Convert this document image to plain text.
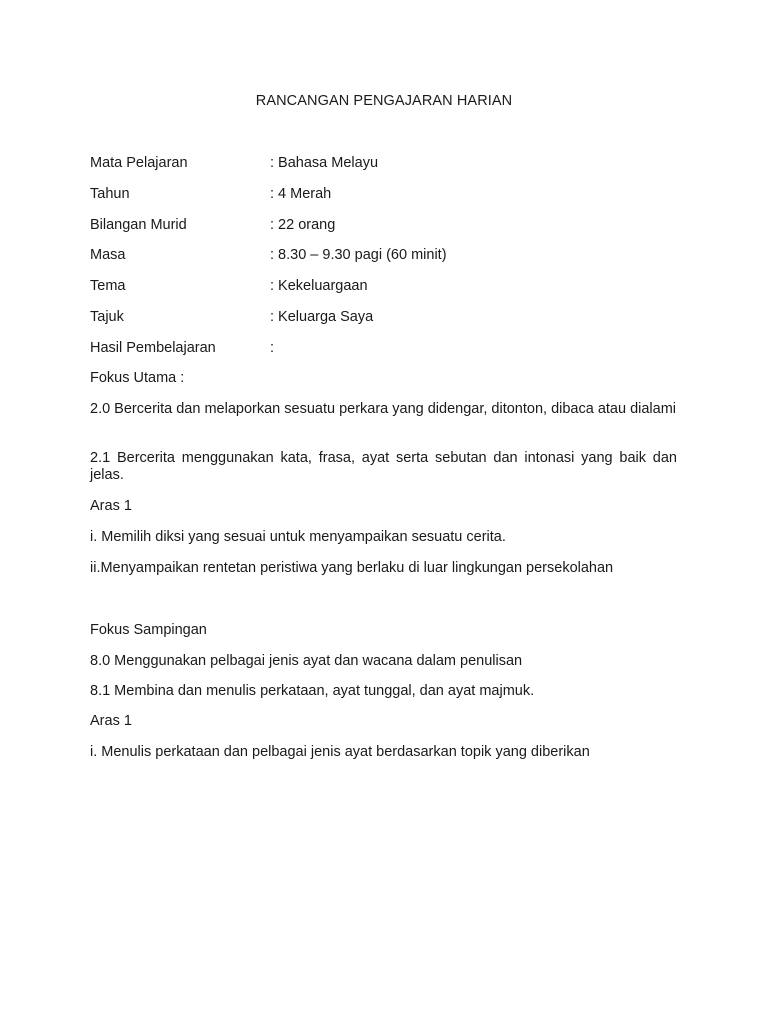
RANCANGAN PENGAJARAN HARIAN
Mata Pelajaran	: Bahasa Melayu
Tahun	: 4 Merah
Bilangan Murid	: 22 orang
Masa	: 8.30 – 9.30 pagi (60 minit)
Tema	: Kekeluargaan
Tajuk	: Keluarga Saya
Hasil Pembelajaran	:
Fokus Utama :
2.0 Bercerita dan melaporkan sesuatu perkara yang didengar, ditonton, dibaca atau dialami
2.1 Bercerita menggunakan kata, frasa, ayat serta sebutan dan intonasi yang baik dan jelas.
Aras 1
i. Memilih diksi yang sesuai untuk menyampaikan sesuatu cerita.
ii.Menyampaikan rentetan peristiwa yang berlaku di luar lingkungan persekolahan
Fokus Sampingan
8.0 Menggunakan pelbagai jenis ayat dan wacana dalam penulisan
8.1 Membina dan menulis perkataan, ayat tunggal, dan ayat majmuk.
Aras 1
i. Menulis perkataan dan pelbagai jenis ayat berdasarkan topik yang diberikan
